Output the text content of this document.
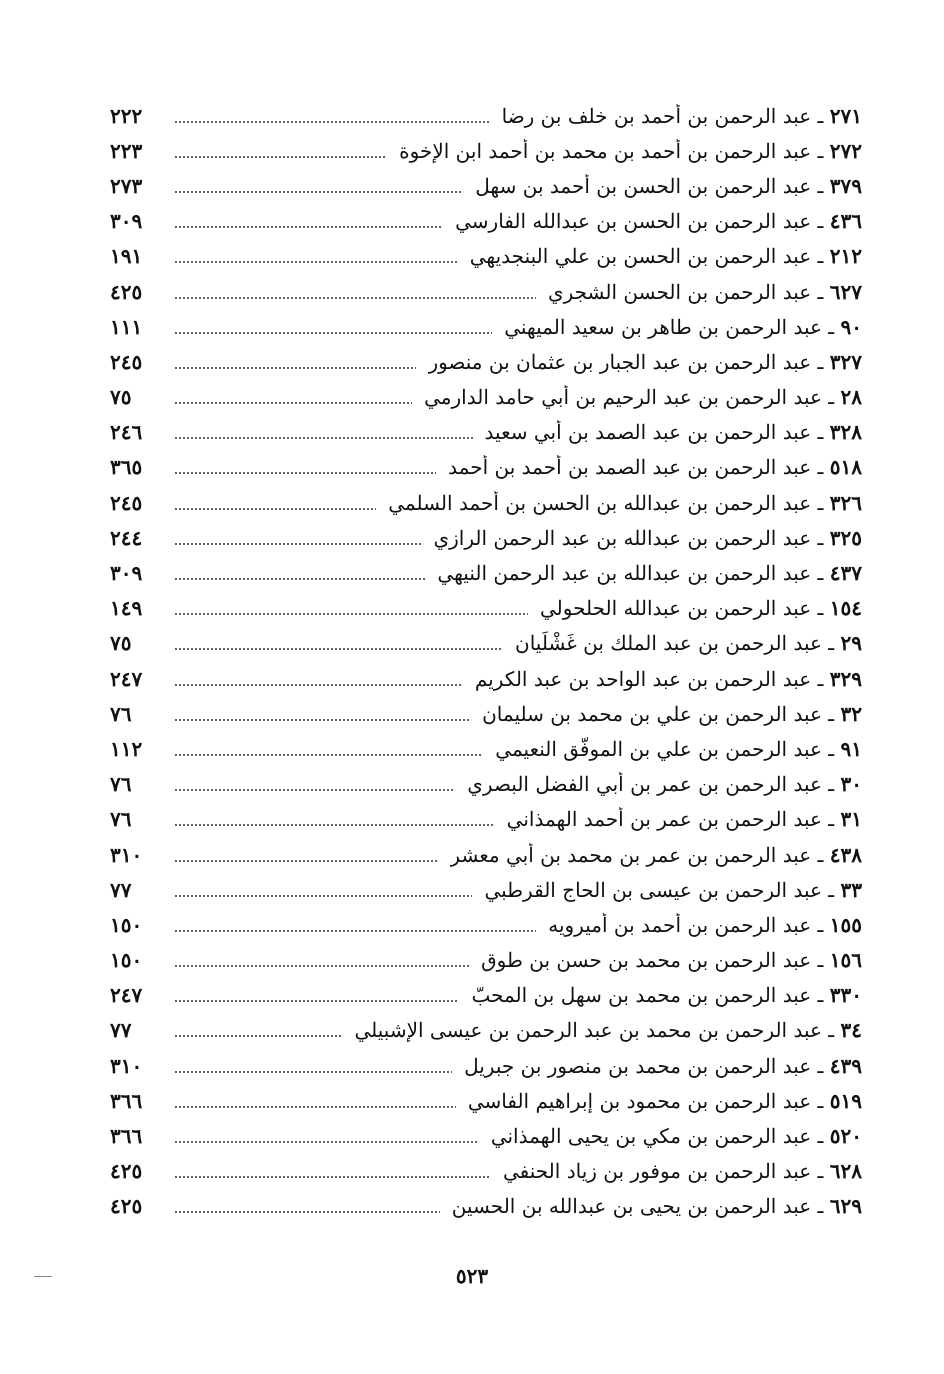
٢٢٢	٢٧١ ـ عبد الرحمن بن أحمد بن خلف بن رضا
٢٢٣	٢٧٢ ـ عبد الرحمن بن أحمد بن محمد بن أحمد ابن الإخوة
٢٧٣	٣٧٩ ـ عبد الرحمن بن الحسن بن أحمد بن سهل
٣٠٩	٤٣٦ ـ عبد الرحمن بن الحسن بن عبدالله الفارسي
١٩١	٢١٢ ـ عبد الرحمن بن الحسن بن علي البنجديهي
٤٢٥	٦٢٧ ـ عبد الرحمن بن الحسن الشجري
١١١	٩٠ ـ عبد الرحمن بن طاهر بن سعيد الميهني
٢٤٥	٣٢٧ ـ عبد الرحمن بن عبد الجبار بن عثمان بن منصور
٧٥	٢٨ ـ عبد الرحمن بن عبد الرحيم بن أبي حامد الدارمي
٢٤٦	٣٢٨ ـ عبد الرحمن بن عبد الصمد بن أبي سعيد
٣٦٥	٥١٨ ـ عبد الرحمن بن عبد الصمد بن أحمد بن أحمد
٢٤٥	٣٢٦ ـ عبد الرحمن بن عبدالله بن الحسن بن أحمد السلمي
٢٤٤	٣٢٥ ـ عبد الرحمن بن عبدالله بن عبد الرحمن الرازي
٣٠٩	٤٣٧ ـ عبد الرحمن بن عبدالله بن عبد الرحمن النيهي
١٤٩	١٥٤ ـ عبد الرحمن بن عبدالله الحلحولي
٧٥	٢٩ ـ عبد الرحمن بن عبد الملك بن غَشْلَيان
٢٤٧	٣٢٩ ـ عبد الرحمن بن عبد الواحد بن عبد الكريم
٧٦	٣٢ ـ عبد الرحمن بن علي بن محمد بن سليمان
١١٢	٩١ ـ عبد الرحمن بن علي بن الموفّق النعيمي
٧٦	٣٠ ـ عبد الرحمن بن عمر بن أبي الفضل البصري
٧٦	٣١ ـ عبد الرحمن بن عمر بن أحمد الهمذاني
٣١٠	٤٣٨ ـ عبد الرحمن بن عمر بن محمد بن أبي معشر
٧٧	٣٣ ـ عبد الرحمن بن عيسى بن الحاج القرطبي
١٥٠	١٥٥ ـ عبد الرحمن بن أحمد بن أميرويه
١٥٠	١٥٦ ـ عبد الرحمن بن محمد بن حسن بن طوق
٢٤٧	٣٣٠ ـ عبد الرحمن بن محمد بن سهل بن المحبّ
٧٧	٣٤ ـ عبد الرحمن بن محمد بن عبد الرحمن بن عيسى الإشبيلي
٣١٠	٤٣٩ ـ عبد الرحمن بن محمد بن منصور بن جبريل
٣٦٦	٥١٩ ـ عبد الرحمن بن محمود بن إبراهيم الفاسي
٣٦٦	٥٢٠ ـ عبد الرحمن بن مكي بن يحيى الهمذاني
٤٢٥	٦٢٨ ـ عبد الرحمن بن موفور بن زياد الحنفي
٤٢٥	٦٢٩ ـ عبد الرحمن بن يحيى بن عبدالله بن الحسين
٥٢٣
